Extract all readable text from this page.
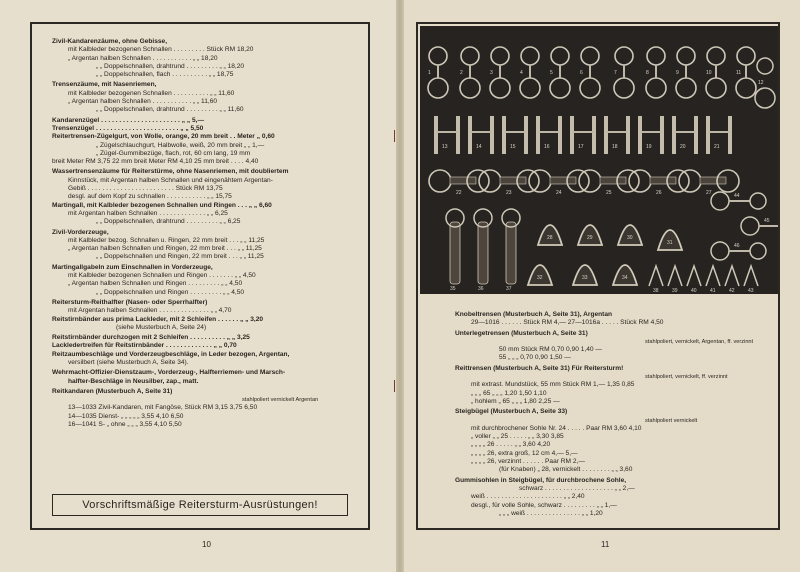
Zivil-Kandarenzäume, ohne Gebisse,
mit Kalbleder bezogenen Schnallen . . . . . . . . . Stück RM 18,20
„ Argentan halben Schnallen . . . . . . . . . . . „ „ 18,20
„ „ Doppelschnallen, drahtrund . . . . . . . . . „ „ 18,20
„ „ Doppelschnallen, flach . . . . . . . . . . „ „ 18,75
Trensenzäume, mit Nasenriemen,
mit Kalbleder bezogenen Schnallen . . . . . . . . . . „ „ 11,60
„ Argentan halben Schnallen . . . . . . . . . . . „ „ 11,60
„ „ Doppelschnallen, drahtrund . . . . . . . . . „ „ 11,60
Kandarenzügel . . . . . . . . . . . . . . . . . . . . . . „ „ 5,—
Trensenzügel . . . . . . . . . . . . . . . . . . . . . . . „ „ 5,50
Reitertrensen-Zügelgurt, von Wolle, orange, 20 mm breit . . Meter „ 0,60
„ Zügelschlauchgurt, Halbwolle, weiß, 20 mm breit „ „ 1,—
„ Zügel-Gummibezüge, flach, rot, 60 cm lang, 19 mm
breit Meter RM 3,75 22 mm breit Meter RM 4,10 25 mm breit . . . . 4,40
Wassertrensenzäume für Reiterstürme, ohne Nasenriemen, mit doubliertem
Kinnstück, mit Argentan halben Schnallen und eingenähtem Argentan-
Gebiß . . . . . . . . . . . . . . . . . . . . . . . . Stück RM 13,75
desgl. auf dem Kopf zu schnallen . . . . . . . . . . . „ „ 15,75
Martingall, mit Kalbleder bezogenen Schnallen und Ringen . . . „ „ 6,60
mit Argentan halben Schnallen . . . . . . . . . . . . . „ „ 6,25
„ „ Doppelschnallen, drahtrund . . . . . . . . . „ „ 6,25
Zivil-Vorderzeuge,
mit Kalbleder bezog. Schnallen u. Ringen, 22 mm breit . . . „ „ 11,25
„ Argentan halben Schnallen und Ringen, 22 mm breit . . . „ „ 11,25
„ „ Doppelschnallen und Ringen, 22 mm breit . . . „ „ 11,25
Martingallgabeln zum Einschnallen in Vorderzeuge,
mit Kalbleder bezogenen Schnallen und Ringen . . . . . . . „ „ 4,50
„ Argentan halben Schnallen und Ringen . . . . . . . . . „ „ 4,50
„ „ Doppelschnallen und Ringen . . . . . . . . . „ „ 4,50
Reitersturm-Reithalfter (Nasen- oder Sperrhalfter)
mit Argentan halben Schnallen . . . . . . . . . . . . . . „ „ 4,70
Reitstirnbänder aus prima Lackleder, mit 2 Schleifen . . . . . . „ „ 3,20
(siehe Musterbuch A, Seite 24)
Reitstirnbänder durchzogen mit 2 Schleifen . . . . . . . . . . „ „ 3,25
Lackledertreifen für Reitstirnbänder . . . . . . . . . . . . . „ „ 0,70
Reitzaumbeschläge und Vorderzeugbeschläge, in Leder bezogen, Argentan,
versilbert (siehe Musterbuch A, Seite 34).
Wehrmacht-Offizier-Dienstzaum-, Vorderzeug-, Halfterriemen- und Marsch-
halfter-Beschläge in Neusilber, zap., matt.
Reitkandaren (Musterbuch A, Seite 31)
stahlpoliert vernickelt Argentan
13—1033 Zivil-Kandaren, mit Fangöse, Stück RM 3,15 3,75 6,50
14—1035 Dienst- „ „ „ „ „ 3,55 4,10 6,50
16—1041 S- „ ohne „ „ „ 3,55 4,10 5,50
Vorschriftsmäßige Reitersturm-Ausrüstungen!
10
1	2	3	4	5	6	7	8	9	10	11
12
13	14	15	16	17	18	19	20	21
22	23	24	25	26	27
28	29	30
31
32	33	34
35	36	37	38	39	40	41	42	43
44
45
46
Knobeltrensen (Musterbuch A, Seite 31), Argentan
29—1016 . . . . . . Stück RM 4,— 27—1016a . . . . . Stück RM 4,50
Unterlegetrensen (Musterbuch A, Seite 31)
stahlpoliert, vernickelt, Argentan, ff. verzinnt
50 mm Stück RM 0,70 0,90 1,40 —
55 „ „ „ 0,70 0,90 1,50 —
Reittrensen (Musterbuch A, Seite 31) Für Reitersturm!
stahlpoliert, vernickelt, ff. verzinnt
mit extrast. Mundstück, 55 mm Stück RM 1,— 1,35 0,85
„ „ „ 65 „ „ „ 1,20 1,50 1,10
„ hohlem „ 65 „ „ „ 1,80 2,25 —
Steigbügel (Musterbuch A, Seite 33)
stahlpoliert vernickelt
mit durchbrochener Sohle Nr. 24 . . . . . Paar RM 3,60 4,10
„ voller „ „ 25 . . . . . „ „ 3,30 3,85
„ „ „ „ 26 . . . . . „ „ 3,60 4,20
„ „ „ „ 26, extra groß, 12 cm 4,— 5,—
„ „ „ „ 26, verzinnt . . . . . . Paar RM 2,—
(für Knaben) „ 28, vernickelt . . . . . . . . „ „ 3,60
Gummisohlen in Steigbügel, für durchbrochene Sohle,
schwarz . . . . . . . . . . . . . . . . . . . „ „ 2,—
weiß . . . . . . . . . . . . . . . . . . . . . „ „ 2,40
desgl., für volle Sohle, schwarz . . . . . . . . . „ „ 1,—
„ „ „ weiß . . . . . . . . . . . . . . . „ „ 1,20
11
